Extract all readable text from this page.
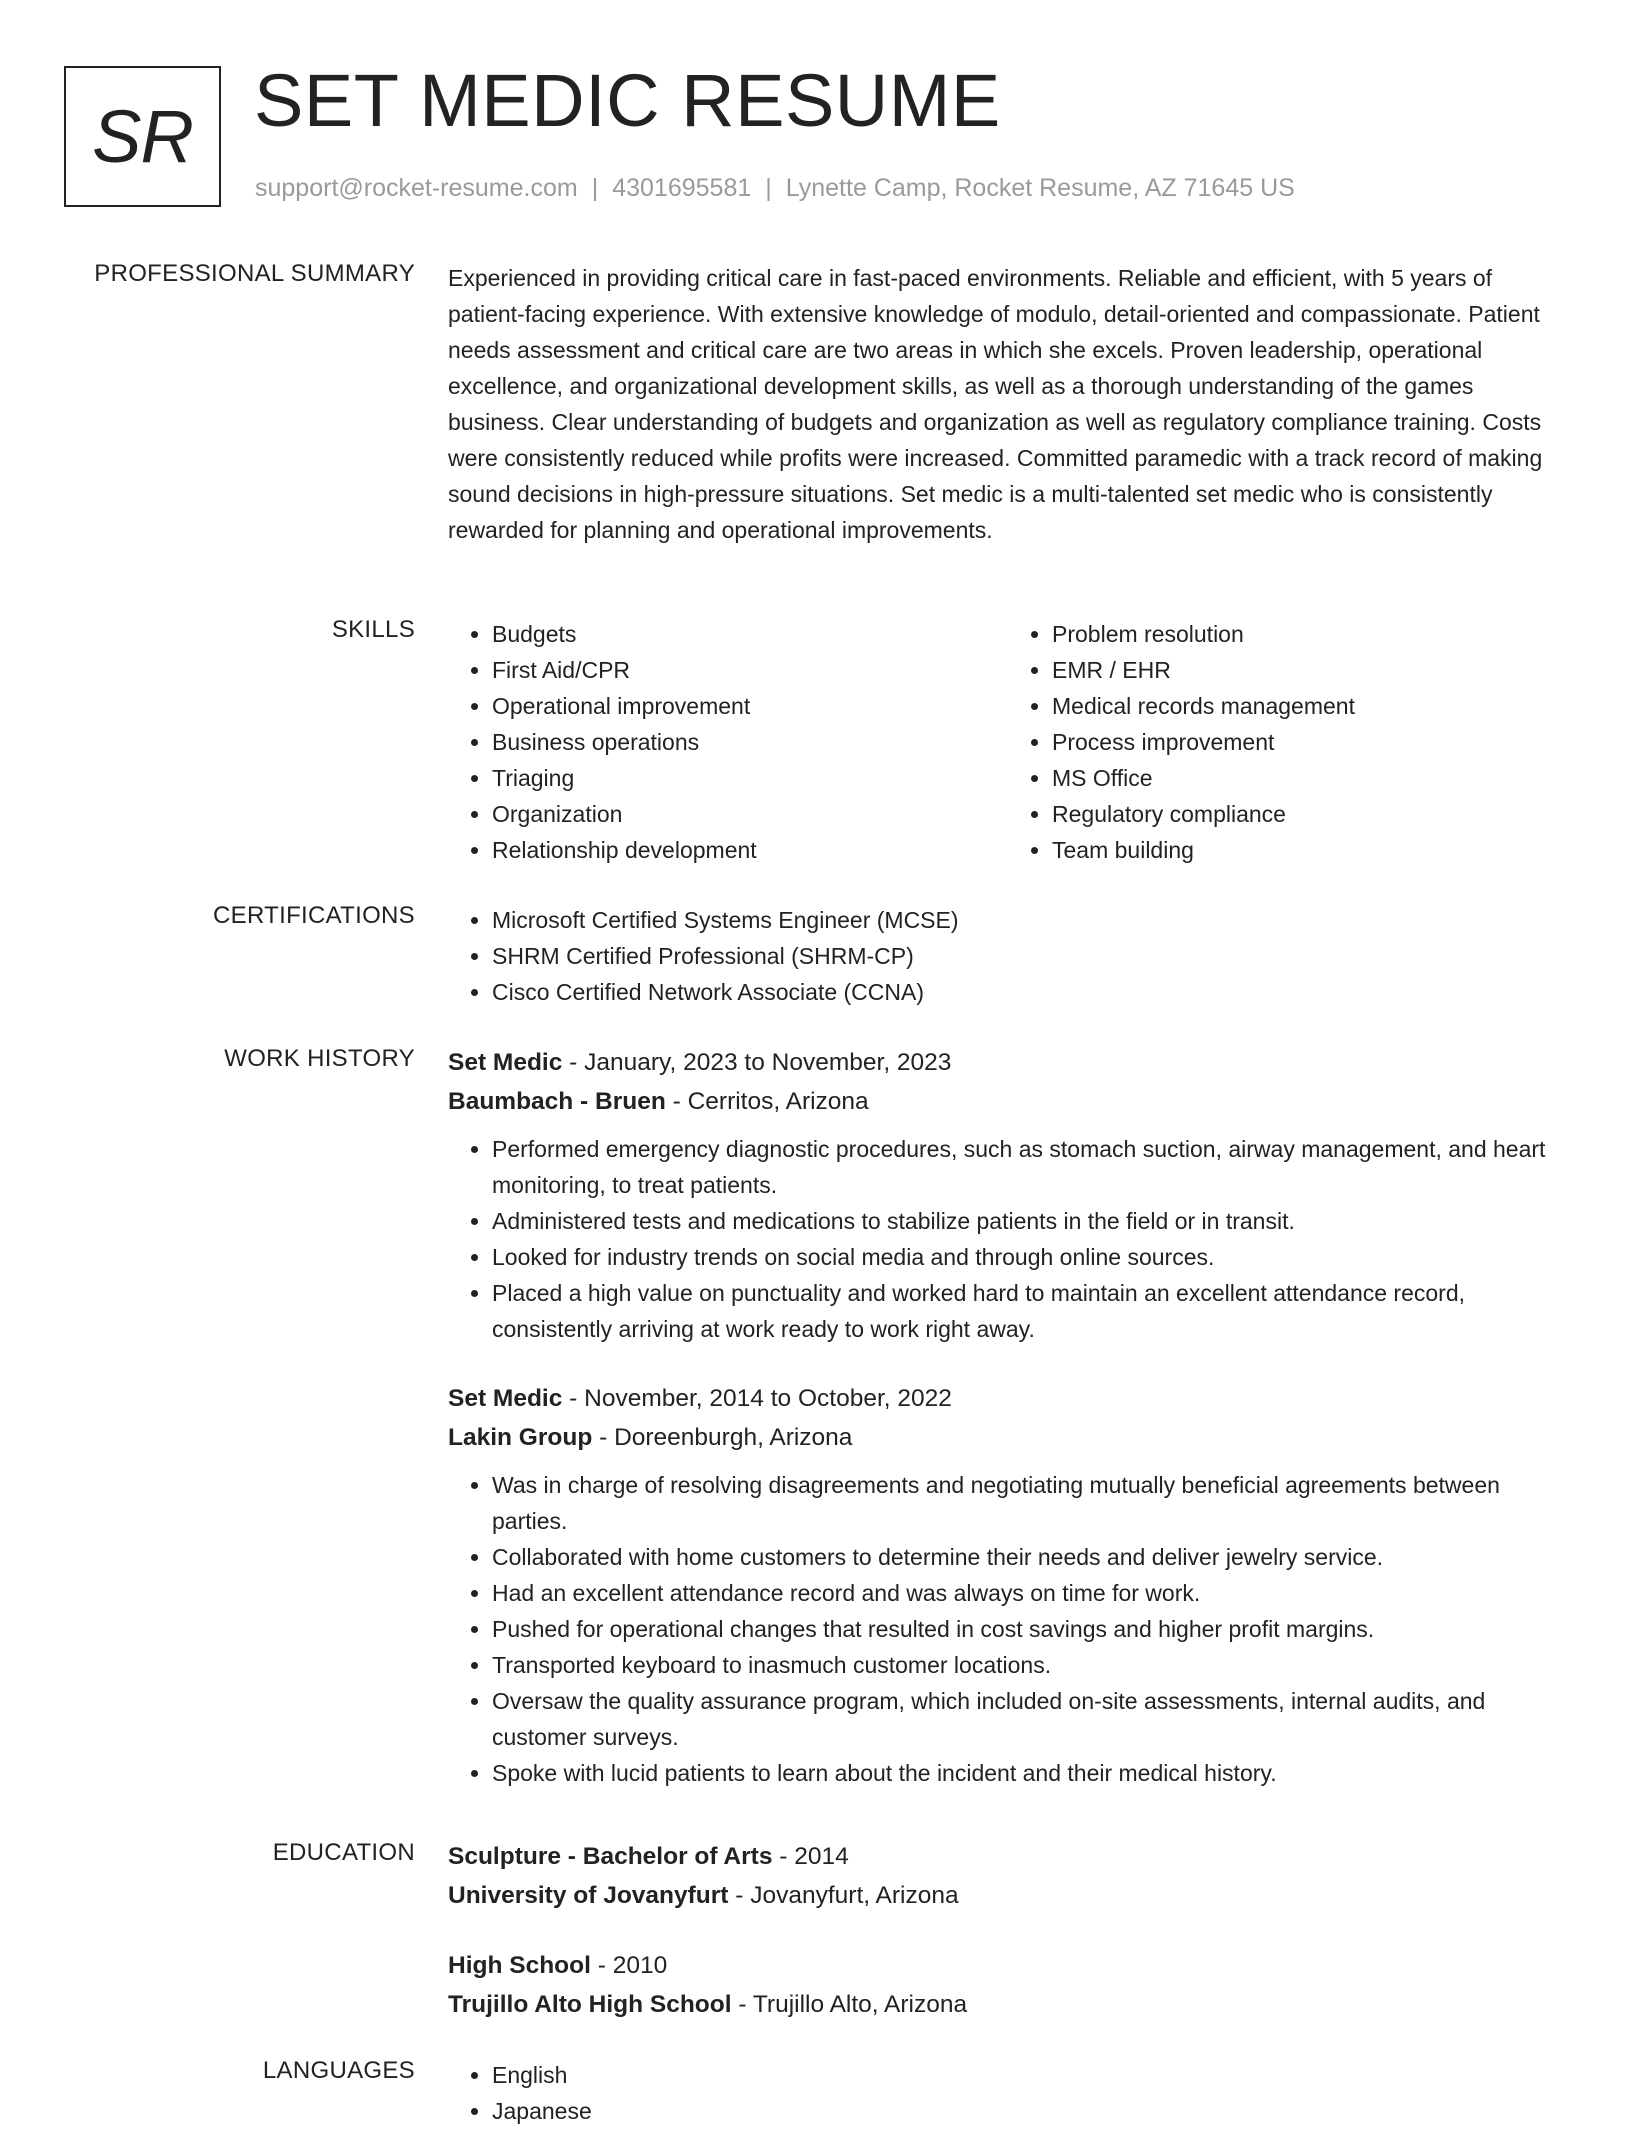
SR SET MEDIC RESUME
support@rocket-resume.com | 4301695581 | Lynette Camp, Rocket Resume, AZ 71645 US
PROFESSIONAL SUMMARY Experienced in providing critical care in fast-paced environments. Reliable and efficient, with 5 years of patient-facing experience. With extensive knowledge of modulo, detail-oriented and compassionate. Patient needs assessment and critical care are two areas in which she excels. Proven leadership, operational excellence, and organizational development skills, as well as a thorough understanding of the games business. Clear understanding of budgets and organization as well as regulatory compliance training. Costs were consistently reduced while profits were increased. Committed paramedic with a track record of making sound decisions in high-pressure situations. Set medic is a multi-talented set medic who is consistently rewarded for planning and operational improvements.
SKILLS	• Budgets
• First Aid/CPR
• Operational improvement
• Business operations
• Triaging
• Organization
• Relationship development
• Problem resolution
• EMR / EHR
• Medical records management
• Process improvement
• MS Office
• Regulatory compliance
• Team building
CERTIFICATIONS	• Microsoft Certified Systems Engineer (MCSE)
• SHRM Certified Professional (SHRM-CP)
• Cisco Certified Network Associate (CCNA)
WORK HISTORY Set Medic - January, 2023 to November, 2023
Baumbach - Bruen - Cerritos, Arizona
• Performed emergency diagnostic procedures, such as stomach suction, airway management, and heart monitoring, to treat patients.
• Administered tests and medications to stabilize patients in the field or in transit.
• Looked for industry trends on social media and through online sources.
• Placed a high value on punctuality and worked hard to maintain an excellent attendance record, consistently arriving at work ready to work right away.
Set Medic - November, 2014 to October, 2022
Lakin Group - Doreenburgh, Arizona
• Was in charge of resolving disagreements and negotiating mutually beneficial agreements between parties.
• Collaborated with home customers to determine their needs and deliver jewelry service.
• Had an excellent attendance record and was always on time for work.
• Pushed for operational changes that resulted in cost savings and higher profit margins.
• Transported keyboard to inasmuch customer locations.
• Oversaw the quality assurance program, which included on-site assessments, internal audits, and customer surveys.
• Spoke with lucid patients to learn about the incident and their medical history.
EDUCATION Sculpture - Bachelor of Arts - 2014
University of Jovanyfurt - Jovanyfurt, Arizona
High School - 2010
Trujillo Alto High School - Trujillo Alto, Arizona
LANGUAGES	• English
• Japanese
